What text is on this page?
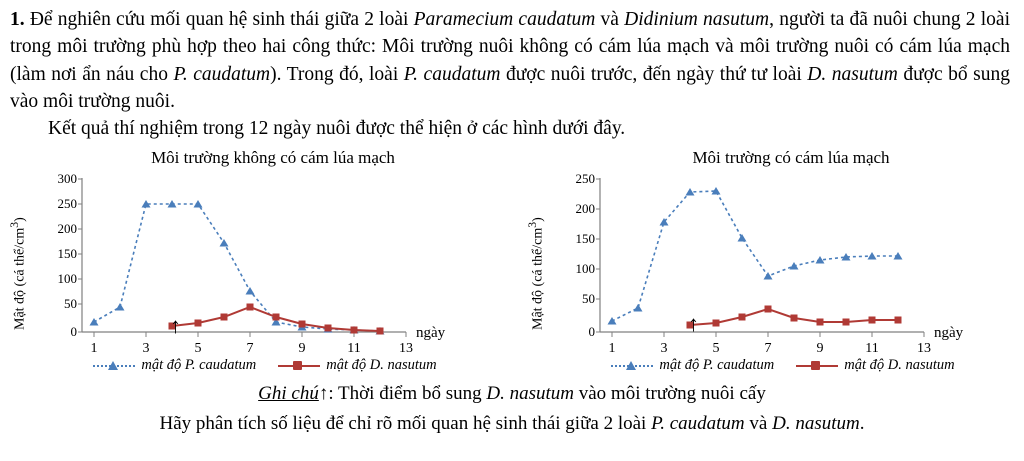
1. Để nghiên cứu mối quan hệ sinh thái giữa 2 loài Paramecium caudatum và Didinium nasutum, người ta đã nuôi chung 2 loài trong môi trường phù hợp theo hai công thức: Môi trường nuôi không có cám lúa mạch và môi trường nuôi có cám lúa mạch (làm nơi ẩn náu cho P. caudatum). Trong đó, loài P. caudatum được nuôi trước, đến ngày thứ tư loài D. nasutum được bổ sung vào môi trường nuôi.

Kết quả thí nghiệm trong 12 ngày nuôi được thể hiện ở các hình dưới đây.

Môi trường không có cám lúa mạch
Mật độ (cá thể/$cm^3$)
300
250
200
150
100
50
0
1	3	5	7	9	11	13
ngày
↑
mật độ P. caudatum	mật độ D. nasutum
Môi trường có cám lúa mạch
Mật độ (cá thể/$cm^3$)
250
200
150
100
50
0
1	3	5	7	9	11	13
ngày
↑
mật độ P. caudatum	mật độ D. nasutum
Ghi chú↑: Thời điểm bổ sung D. nasutum vào môi trường nuôi cấy
Hãy phân tích số liệu để chỉ rõ mối quan hệ sinh thái giữa 2 loài P. caudatum và D. nasutum.
